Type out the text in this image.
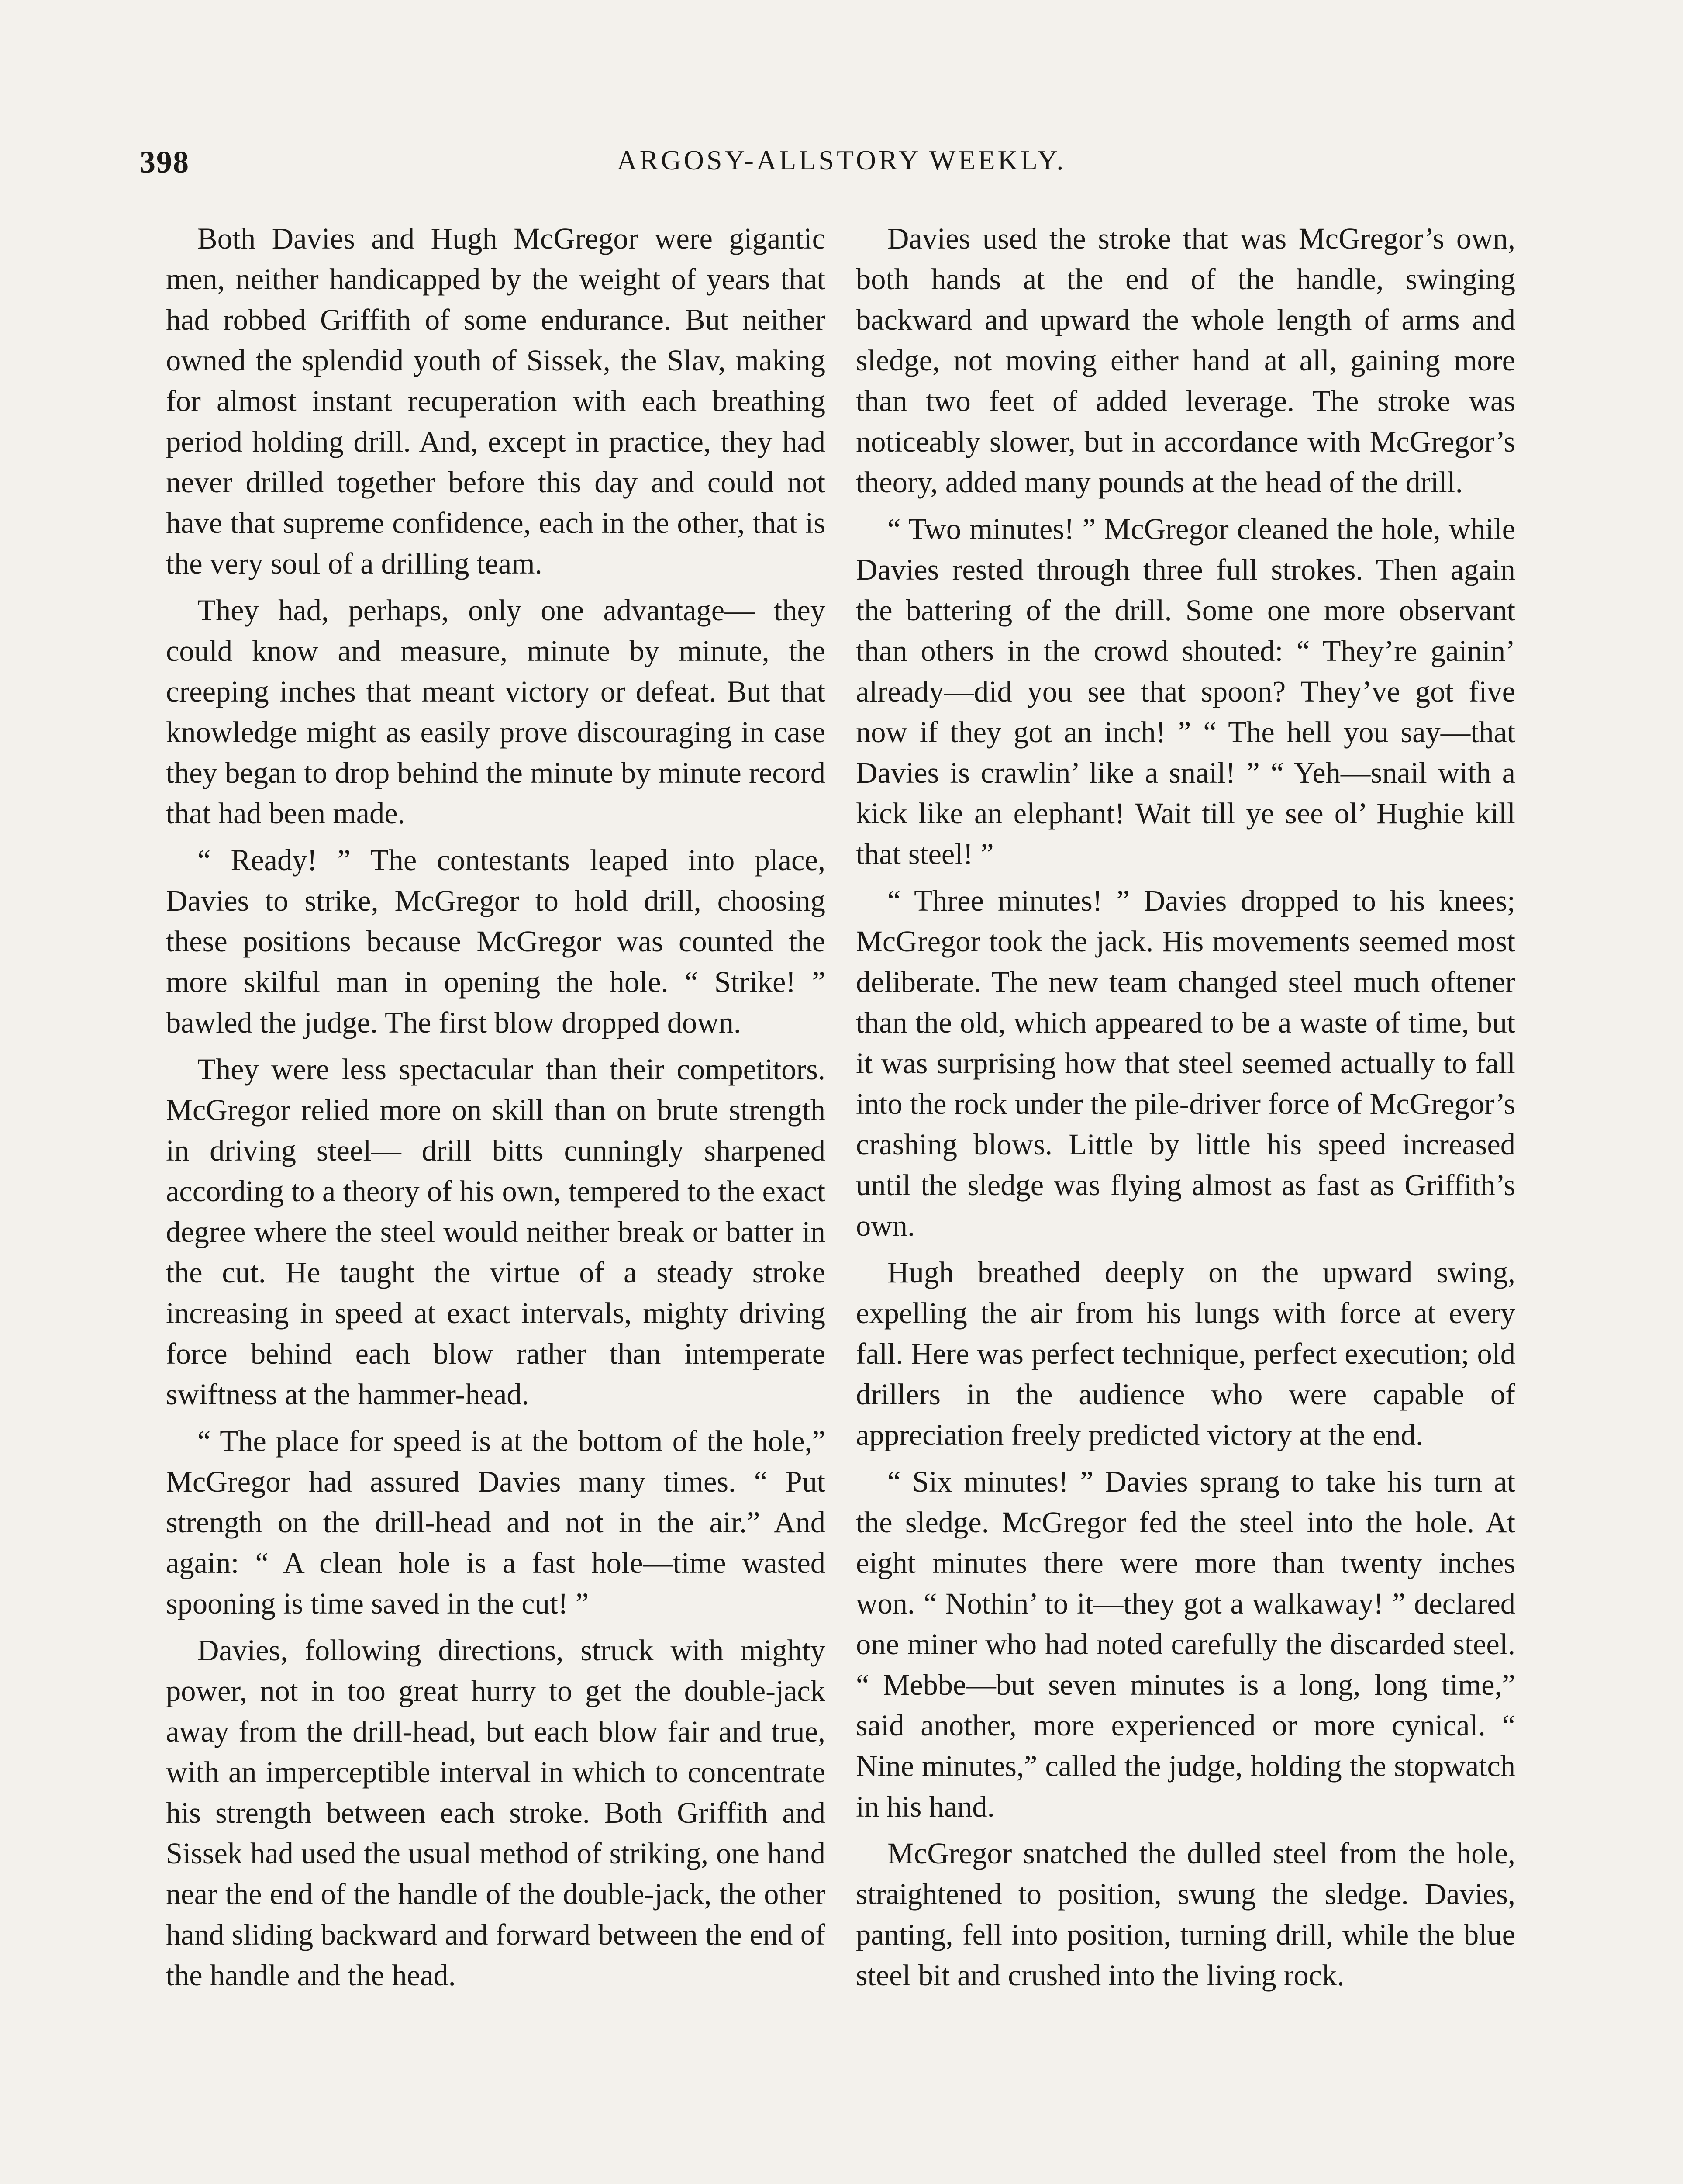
398	ARGOSY-ALLSTORY WEEKLY.

Both Davies and Hugh McGregor were gigantic men, neither handicapped by the weight of years that had robbed Griffith of some endurance. But neither owned the splendid youth of Sissek, the Slav, making for almost instant recuperation with each breathing period holding drill. And, except in practice, they had never drilled together before this day and could not have that supreme confidence, each in the other, that is the very soul of a drilling team.

They had, perhaps, only one advantage— they could know and measure, minute by minute, the creeping inches that meant victory or defeat. But that knowledge might as easily prove discouraging in case they began to drop behind the minute by minute record that had been made.

“ Ready! ” The contestants leaped into place, Davies to strike, McGregor to hold drill, choosing these positions because McGregor was counted the more skilful man in opening the hole. “ Strike! ” bawled the judge. The first blow dropped down.

They were less spectacular than their competitors. McGregor relied more on skill than on brute strength in driving steel— drill bitts cunningly sharpened according to a theory of his own, tempered to the exact degree where the steel would neither break or batter in the cut. He taught the virtue of a steady stroke increasing in speed at exact intervals, mighty driving force behind each blow rather than intemperate swiftness at the hammer-head.

“ The place for speed is at the bottom of the hole,” McGregor had assured Davies many times. “ Put strength on the drill-head and not in the air.” And again: “ A clean hole is a fast hole—time wasted spooning is time saved in the cut! ”

Davies, following directions, struck with mighty power, not in too great hurry to get the double-jack away from the drill-head, but each blow fair and true, with an imperceptible interval in which to concentrate his strength between each stroke. Both Griffith and Sissek had used the usual method of striking, one hand near the end of the handle of the double-jack, the other hand sliding backward and forward between the end of the handle and the head.

Davies used the stroke that was McGregor’s own, both hands at the end of the handle, swinging backward and upward the whole length of arms and sledge, not moving either hand at all, gaining more than two feet of added leverage. The stroke was noticeably slower, but in accordance with McGregor’s theory, added many pounds at the head of the drill.

“ Two minutes! ” McGregor cleaned the hole, while Davies rested through three full strokes. Then again the battering of the drill. Some one more observant than others in the crowd shouted: “ They’re gainin’ already—did you see that spoon? They’ve got five now if they got an inch! ” “ The hell you say—that Davies is crawlin’ like a snail! ” “ Yeh—snail with a kick like an elephant! Wait till ye see ol’ Hughie kill that steel! ”

“ Three minutes! ” Davies dropped to his knees; McGregor took the jack. His movements seemed most deliberate. The new team changed steel much oftener than the old, which appeared to be a waste of time, but it was surprising how that steel seemed actually to fall into the rock under the pile-driver force of McGregor’s crashing blows. Little by little his speed increased until the sledge was flying almost as fast as Griffith’s own.

Hugh breathed deeply on the upward swing, expelling the air from his lungs with force at every fall. Here was perfect technique, perfect execution; old drillers in the audience who were capable of appreciation freely predicted victory at the end.

“ Six minutes! ” Davies sprang to take his turn at the sledge. McGregor fed the steel into the hole. At eight minutes there were more than twenty inches won. “ Nothin’ to it—they got a walkaway! ” declared one miner who had noted carefully the discarded steel. “ Mebbe—but seven minutes is a long, long time,” said another, more experienced or more cynical. “ Nine minutes,” called the judge, holding the stopwatch in his hand.

McGregor snatched the dulled steel from the hole, straightened to position, swung the sledge. Davies, panting, fell into position, turning drill, while the blue steel bit and crushed into the living rock.
